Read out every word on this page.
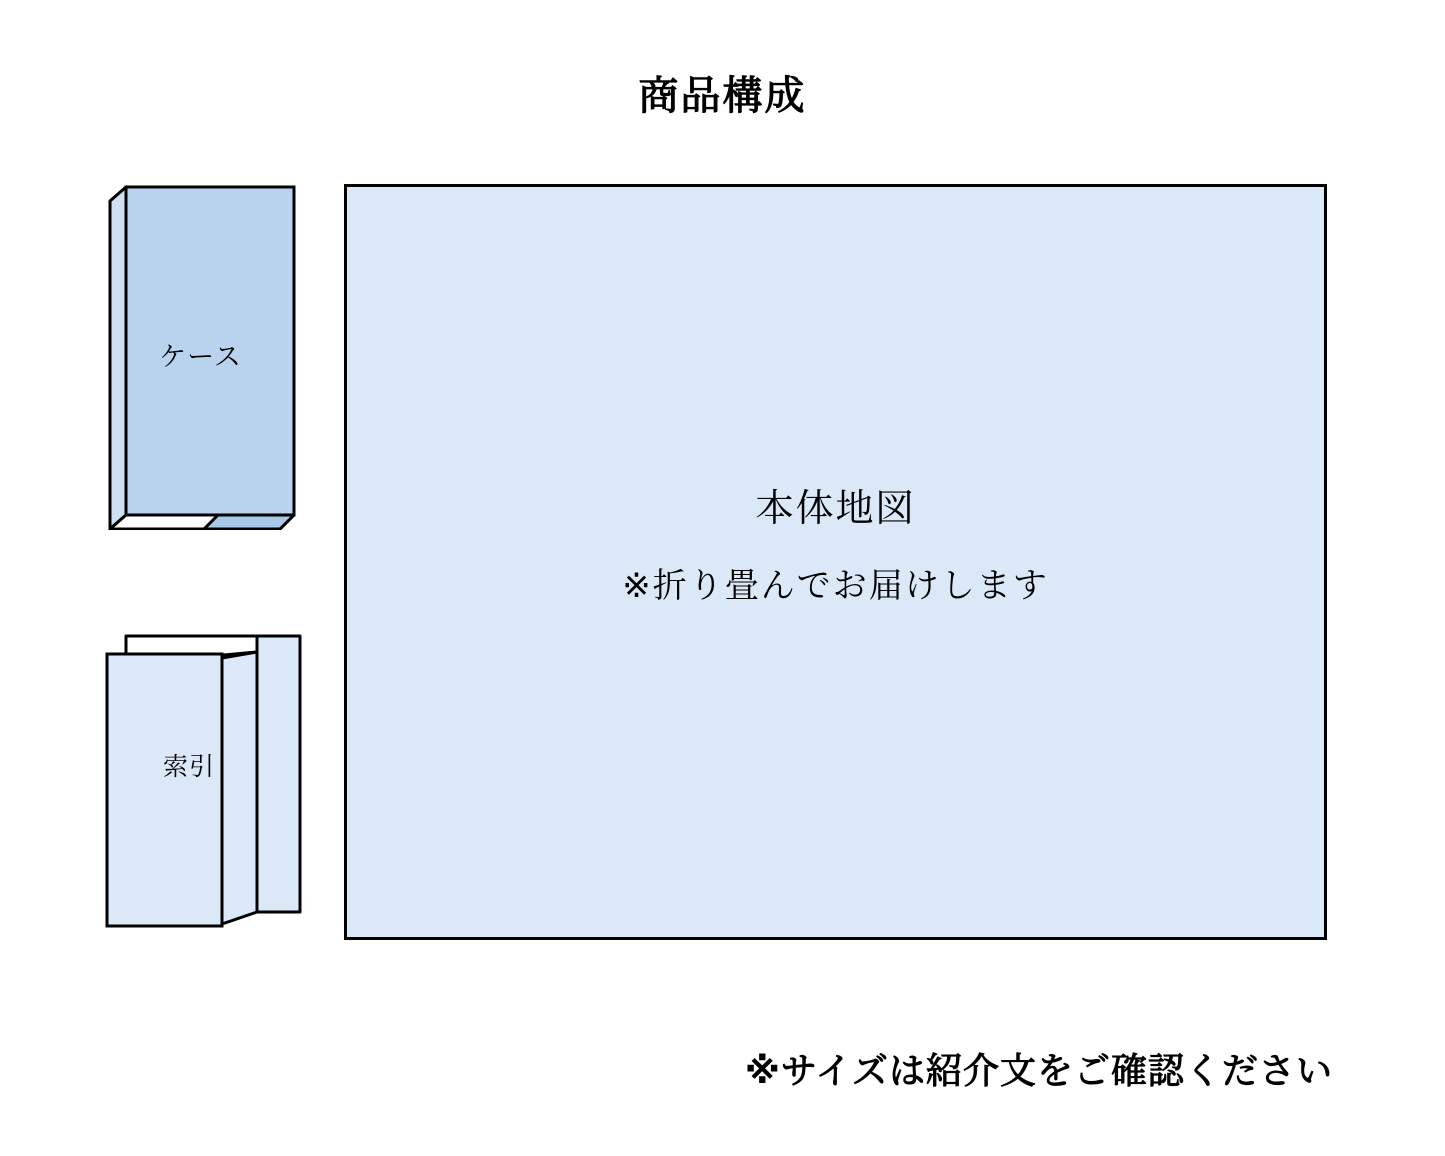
商品構成
ケース
索引
本体地図
※折り畳んでお届けします
※サイズは紹介文をご確認ください
